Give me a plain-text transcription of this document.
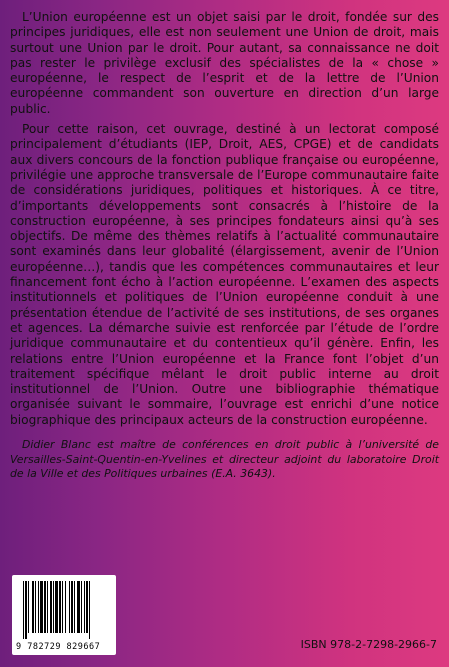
L’Union européenne est un objet saisi par le droit, fondée sur des principes juridiques, elle est non seulement une Union de droit, mais surtout une Union par le droit. Pour autant, sa connaissance ne doit pas rester le privilège exclusif des spécialistes de la « chose » européenne, le respect de l’esprit et de la lettre de l’Union européenne commandent son ouverture en direction d’un large public.

Pour cette raison, cet ouvrage, destiné à un lectorat composé principalement d’étudiants (IEP, Droit, AES, CPGE) et de candidats aux divers concours de la fonction publique française ou européenne, privilégie une approche transversale de l’Europe communautaire faite de considérations juridiques, politiques et historiques. À ce titre, d’importants développements sont consacrés à l’histoire de la construction européenne, à ses principes fondateurs ainsi qu’à ses objectifs. De même des thèmes relatifs à l’actualité communautaire sont examinés dans leur globalité (élargissement, avenir de l’Union européenne…), tandis que les compétences communautaires et leur financement font écho à l’action européenne. L’examen des aspects institutionnels et politiques de l’Union européenne conduit à une présentation étendue de l’activité de ses institutions, de ses organes et agences. La démarche suivie est renforcée par l’étude de l’ordre juridique communautaire et du contentieux qu’il génère. Enfin, les relations entre l’Union européenne et la France font l’objet d’un traitement spécifique mêlant le droit public interne au droit institutionnel de l’Union. Outre une bibliographie thématique organisée suivant le sommaire, l’ouvrage est enrichi d’une notice biographique des principaux acteurs de la construction européenne.

Didier Blanc est maître de conférences en droit public à l’université de Versailles-Saint-Quentin-en-Yvelines et directeur adjoint du laboratoire Droit de la Ville et des Politiques urbaines (E.A. 3643).

9 782729 829667	ISBN 978-2-7298-2966-7
